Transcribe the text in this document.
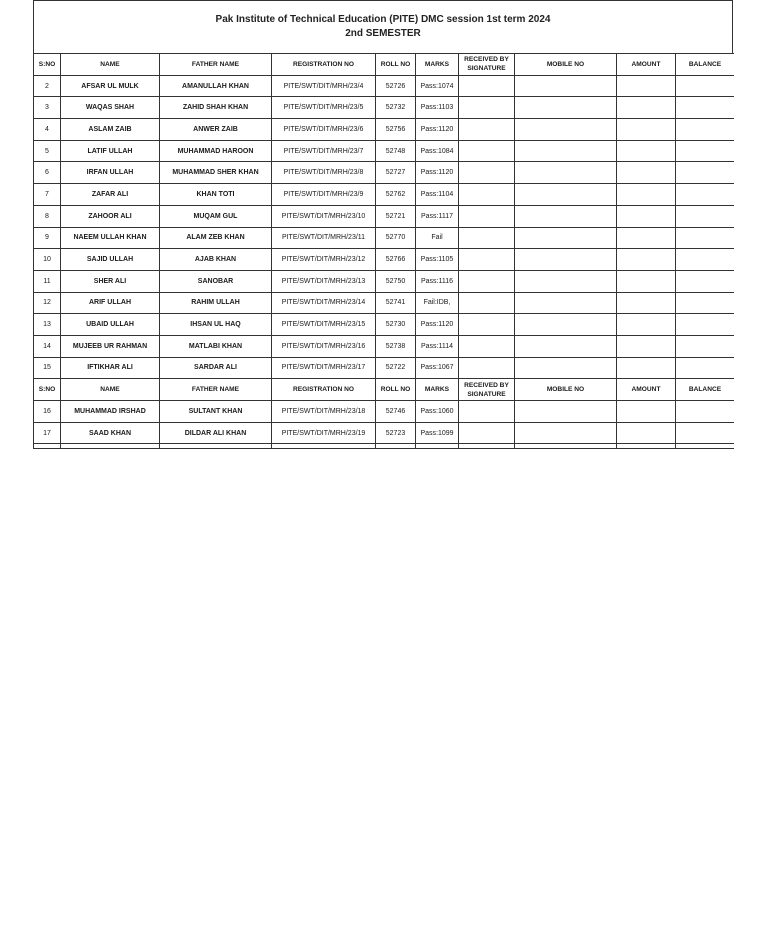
Pak Institute of Technical Education (PITE) DMC session 1st term 2024
2nd SEMESTER
S:NO	NAME	FATHER NAME	REGISTRATION NO	ROLL NO	MARKS	RECEIVED BY SIGNATURE	MOBILE NO	AMOUNT	BALANCE
2	AFSAR UL MULK	AMANULLAH KHAN	PITE/SWT/DIT/MRH/23/4	52726	Pass:1074				
3	WAQAS SHAH	ZAHID SHAH KHAN	PITE/SWT/DIT/MRH/23/5	52732	Pass:1103				
4	ASLAM ZAIB	ANWER ZAIB	PITE/SWT/DIT/MRH/23/6	52756	Pass:1120				
5	LATIF ULLAH	MUHAMMAD HAROON	PITE/SWT/DIT/MRH/23/7	52748	Pass:1084				
6	IRFAN ULLAH	MUHAMMAD SHER KHAN	PITE/SWT/DIT/MRH/23/8	52727	Pass:1120				
7	ZAFAR ALI	KHAN TOTI	PITE/SWT/DIT/MRH/23/9	52762	Pass:1104				
8	ZAHOOR ALI	MUQAM GUL	PITE/SWT/DIT/MRH/23/10	52721	Pass:1117				
9	NAEEM ULLAH KHAN	ALAM ZEB KHAN	PITE/SWT/DIT/MRH/23/11	52770	Fail				
10	SAJID ULLAH	AJAB KHAN	PITE/SWT/DIT/MRH/23/12	52766	Pass:1105				
11	SHER ALI	SANOBAR	PITE/SWT/DIT/MRH/23/13	52750	Pass:1116				
12	ARIF ULLAH	RAHIM ULLAH	PITE/SWT/DIT/MRH/23/14	52741	Fail:IDB,				
13	UBAID ULLAH	IHSAN UL HAQ	PITE/SWT/DIT/MRH/23/15	52730	Pass:1120				
14	MUJEEB UR RAHMAN	MATLABI KHAN	PITE/SWT/DIT/MRH/23/16	52738	Pass:1114				
15	IFTIKHAR ALI	SARDAR ALI	PITE/SWT/DIT/MRH/23/17	52722	Pass:1067				
S:NO	NAME	FATHER NAME	REGISTRATION NO	ROLL NO	MARKS	RECEIVED BY SIGNATURE	MOBILE NO	AMOUNT	BALANCE
16	MUHAMMAD IRSHAD	SULTANT KHAN	PITE/SWT/DIT/MRH/23/18	52746	Pass:1060				
17	SAAD KHAN	DILDAR ALI KHAN	PITE/SWT/DIT/MRH/23/19	52723	Pass:1099				
